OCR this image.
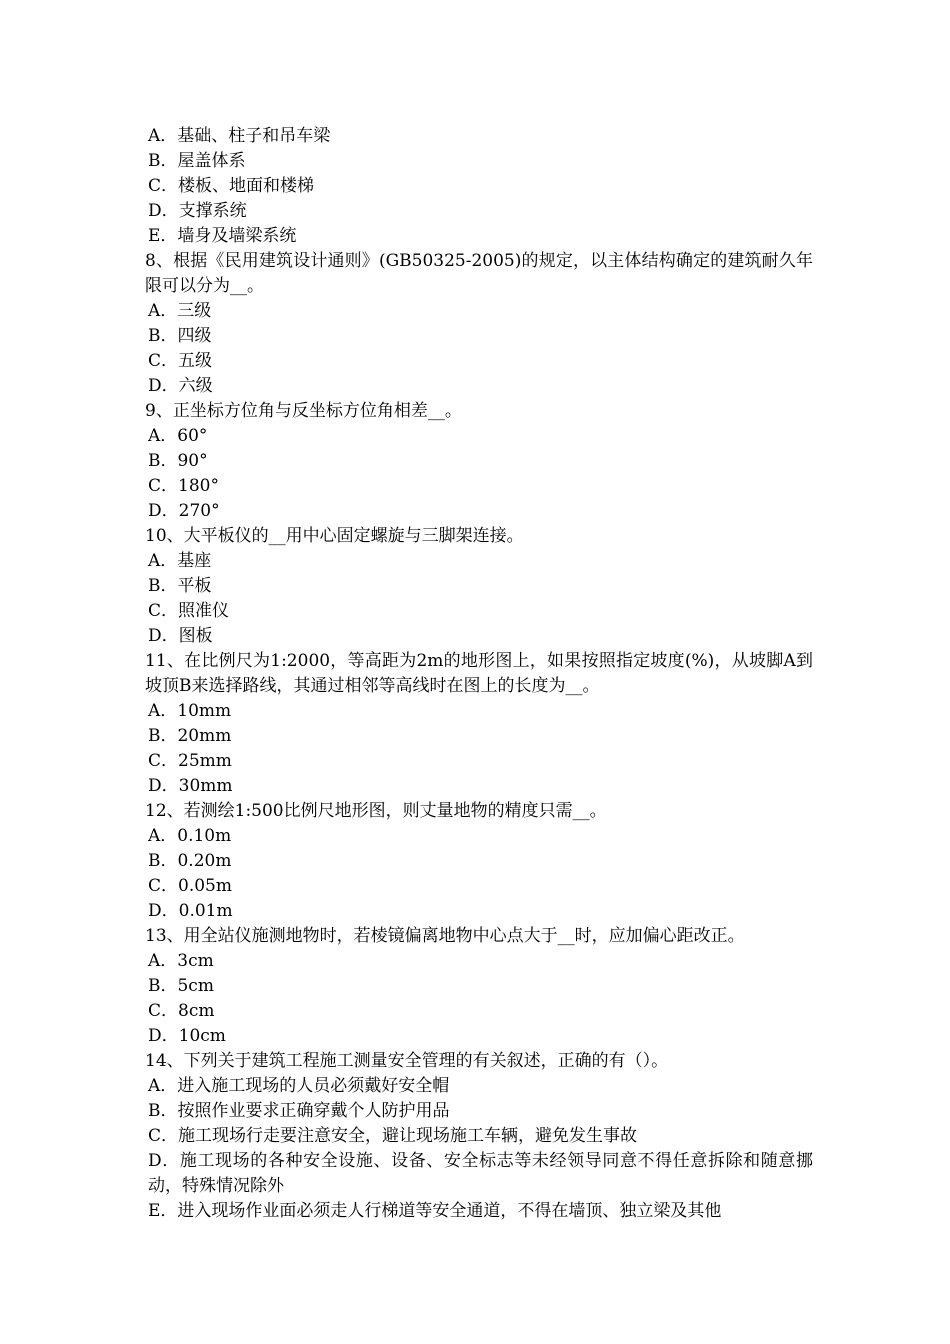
A．基础、柱子和吊车梁
B．屋盖体系
C．楼板、地面和楼梯
D．支撑系统
E．墙身及墙梁系统
8、根据《民用建筑设计通则》(GB50325-2005)的规定，以主体结构确定的建筑耐久年限可以分为__。
A．三级
B．四级
C．五级
D．六级
9、正坐标方位角与反坐标方位角相差__。
A．60°
B．90°
C．180°
D．270°
10、大平板仪的__用中心固定螺旋与三脚架连接。
A．基座
B．平板
C．照准仪
D．图板
11、在比例尺为1:2000，等高距为2m的地形图上，如果按照指定坡度(%)，从坡脚A到坡顶B来选择路线，其通过相邻等高线时在图上的长度为__。
A．10mm
B．20mm
C．25mm
D．30mm
12、若测绘1:500比例尺地形图，则丈量地物的精度只需__。
A．0.10m
B．0.20m
C．0.05m
D．0.01m
13、用全站仪施测地物时，若棱镜偏离地物中心点大于__时，应加偏心距改正。
A．3cm
B．5cm
C．8cm
D．10cm
14、下列关于建筑工程施工测量安全管理的有关叙述，正确的有（）。
A．进入施工现场的人员必须戴好安全帽
B．按照作业要求正确穿戴个人防护用品
C．施工现场行走要注意安全，避让现场施工车辆，避免发生事故
D．施工现场的各种安全设施、设备、安全标志等未经领导同意不得任意拆除和随意挪动，特殊情况除外
E．进入现场作业面必须走人行梯道等安全通道，不得在墙顶、独立梁及其他
